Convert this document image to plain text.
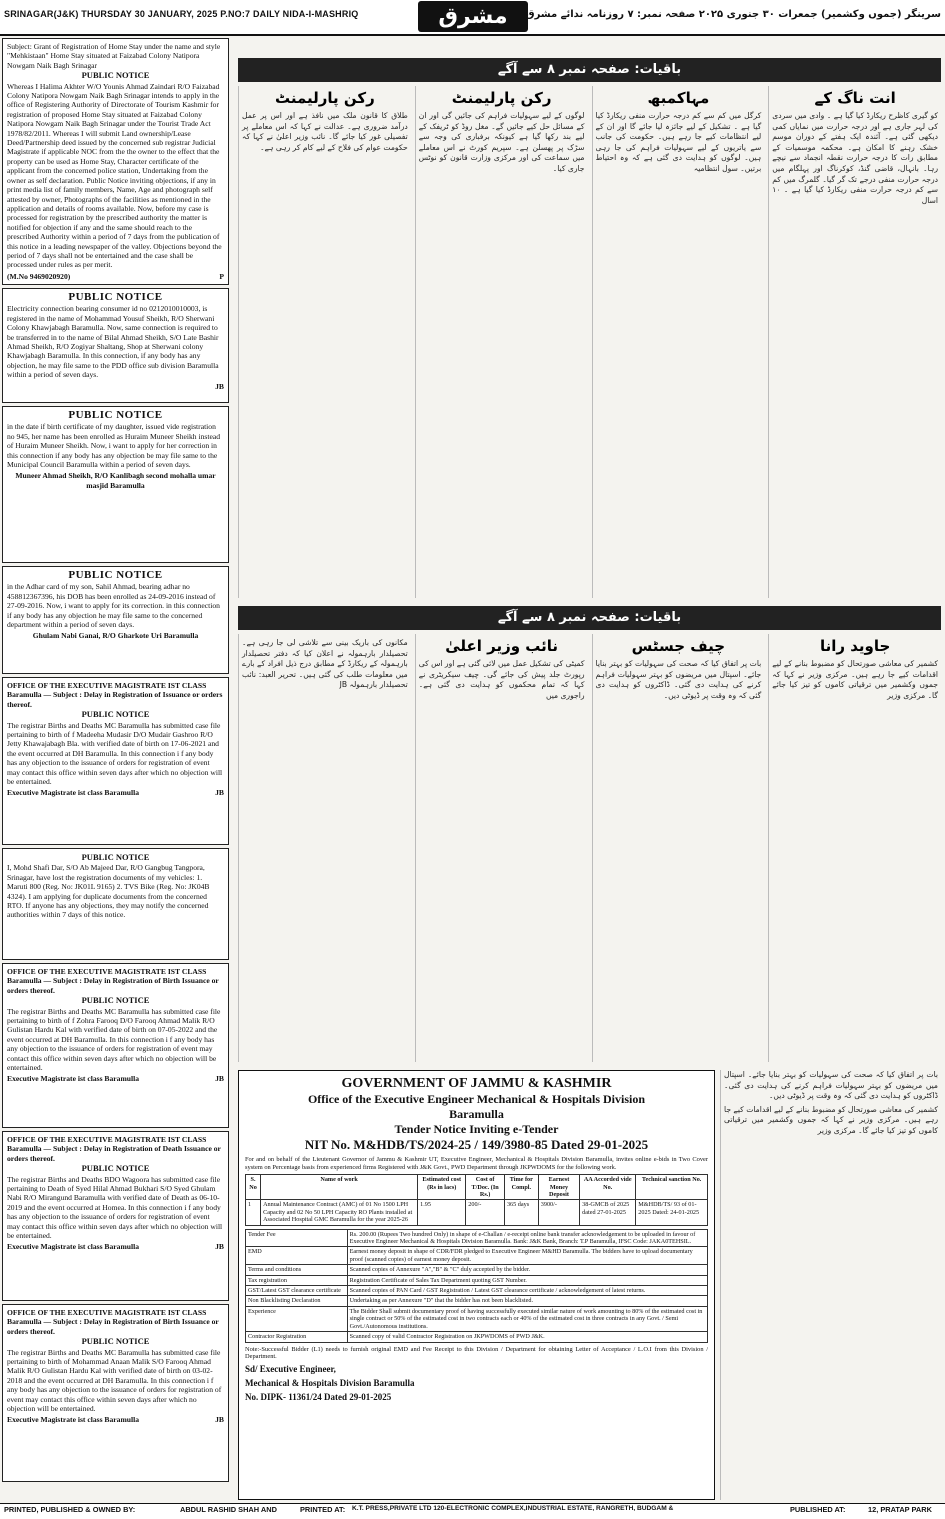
SRINAGAR(J&K) THURSDAY 30 JANUARY, 2025 P.NO:7 DAILY NIDA-I-MASHRIQ	مشرق	سرینگر (جموں وکشمیر) جمعرات ۳۰ جنوری ۲۰۲۵ صفحہ نمبر: ۷ روزنامہ ندائے مشرق

Subject: Grant of Registration of Home Stay under the name and style "Mehkistaan" Home Stay situated at Faizabad Colony Natipora Nowgam Naik Bagh Srinagar

PUBLIC NOTICE

Whereas I Halima Akhter W/O Younis Ahmad Zaindari R/O Faizabad Colony Natipora Nowgam Naik Bagh Srinagar intends to apply in the office of Registering Authority of Directorate of Tourism Kashmir for registration of proposed Home Stay situated at Faizabad Colony Natipora Nowgam Naik Bagh Srinagar under the Tourist Trade Act 1978/82/2011. Whereas I will submit Land ownership/Lease Deed/Partnership deed issued by the concerned sub registrar Judicial Magistrate if applicable NOC from the the owner to the effect that the property can be used as Home Stay, Character certificate of the applicant from the concerned police station, Undertaking from the owner as self declaration. Public Notice inviting objections, if any in print media list of family members, Name, Age and photograph self attested by owner, Photographs of the facilities as mentioned in the application and details of rooms available. Now, before my case is processed for registration by the prescribed authority the matter is notified for objection if any and the same should reach to the prescribed Authority within a period of 7 days from the publication of this notice in a leading newspaper of the valley. Objections beyond the period of 7 days shall not be entertained and the case shall be processed under rules as per merit.

(M.No 9469020920)	P
PUBLIC NOTICE

Electricity connection bearing consumer id no 0212010010003, is registered in the name of Mohammad Yousuf Sheikh, R/O Sherwani Colony Khawjabagh Baramulla. Now, same connection is required to be transferred in to the name of Bilal Ahmad Sheikh, S/O Late Bashir Ahmad Sheikh, R/O Zogiyar Shaltang, Shop at Sherwani colony Khawjabagh Baramulla. In this connection, if any body has any objection, he may file same to the PDD office sub division Baramulla within a period of seven days.

JB
PUBLIC NOTICE

in the date if birth certificate of my daughter, issued vide registration no 945, her name has been enrolled as Huraim Muneer Sheikh instead of Huraim Muneer Sheikh. Now, i want to apply for her correction in this connection if any body has any objection be may file same to the Municipal Council Baramulla within a period of seven days.

Muneer Ahmad Sheikh, R/O Kanlibagh second mohalla umar masjid Baramulla
PUBLIC NOTICE

in the Adhar card of my son, Sahil Ahmad, bearing adhar no 458812367396, his DOB has been enrolled as 24-09-2016 instead of 27-09-2016. Now, i want to apply for its correction. in this connection if any body has any objection he may file same to the concerned department within a period of seven days.

Ghulam Nabi Ganai, R/O Gharkote Uri Baramulla

OFFICE OF THE EXECUTIVE MAGISTRATE IST CLASS Baramulla — Subject : Delay in Registration of Issuance or orders thereof.

PUBLIC NOTICE

The registrar Births and Deaths MC Baramulla has submitted case file pertaining to birth of f Madeeha Mudasir D/O Mudair Gashroo R/O Jetty Khawajabagh Bla. with verified date of birth on 17-06-2021 and the event occurred at DH Baramulla. In this connection i f any body has any objection to the issuance of orders for registration of event may contact this office within seven days after which no objection will be entertained.

Executive Magistrate ist class Baramulla	JB
PUBLIC NOTICE

I, Mohd Shafi Dar, S/O Ab Majeed Dar, R/O Gangbug Tangpora, Srinagar, have lost the registration documents of my vehicles: 1. Maruti 800 (Reg. No: JK01L 9165) 2. TVS Bike (Reg. No: JK04B 4324). I am applying for duplicate documents from the concerned RTO. If anyone has any objections, they may notify the concerned authorities within 7 days of this notice.

OFFICE OF THE EXECUTIVE MAGISTRATE IST CLASS Baramulla — Subject : Delay in Registration of Birth Issuance or orders thereof.

PUBLIC NOTICE

The registrar Births and Deaths MC Baramulla has submitted case file pertaining to birth of f Zohra Farooq D/O Farooq Ahmad Malik R/O Gulistan Hardu Kal with verified date of birth on 07-05-2022 and the event occurred at DH Baramulla. In this connection i f any body has any objection to the issuance of orders for registration of event may contact this office within seven days after which no objection will be entertained.

Executive Magistrate ist class Baramulla	JB

OFFICE OF THE EXECUTIVE MAGISTRATE IST CLASS Baramulla — Subject : Delay in Registration of Death Issuance or orders thereof.

PUBLIC NOTICE

The registrar Births and Deaths BDO Wagoora has submitted case file pertaining to Death of Syed Hilal Ahmad Bukhari S/O Syed Ghulam Nabi R/O Mirangund Baramulla with verified date of Death as 06-10-2019 and the event occurred at Homea. In this connection i f any body has any objection to the issuance of orders for registration of event may contact this office within seven days after which no objection will be entertained.

Executive Magistrate ist class Baramulla	JB

OFFICE OF THE EXECUTIVE MAGISTRATE IST CLASS Baramulla — Subject : Delay in Registration of Birth Issuance or orders thereof.

PUBLIC NOTICE

The registrar Births and Deaths MC Baramulla has submitted case file pertaining to birth of Mohammad Anaan Malik S/O Farooq Ahmad Malik R/O Gulistan Hardu Kal with verified date of birth on 03-02-2018 and the event occurred at DH Baramulla. In this connection i f any body has any objection to the issuance of orders for registration of event may contact this office within seven days after which no objection will be entertained.

Executive Magistrate ist class Baramulla	JB
باقیات: صفحہ نمبر ۸ سے آگے
انت ناگ کے

کو گیری کاظرح ریکارڈ کیا گیا ہے ۔ وادی میں سردی کی لہر جاری ہے اور درجہ حرارت میں نمایاں کمی دیکھی گئی ہے۔ آئندہ ایک ہفتے کے دوران موسم خشک رہنے کا امکان ہے۔ محکمہ موسمیات کے مطابق رات کا درجہ حرارت نقطہ انجماد سے نیچے رہا۔ بانہال، قاضی گنڈ، کوکرناگ اور پہلگام میں درجہ حرارت منفی درجے تک گر گیا۔ گلمرگ میں کم سے کم درجہ حرارت منفی ریکارڈ کیا گیا ہے ۔ ۱۰ اسال

مہاکمبھ

کرگل میں کم سے کم درجہ حرارت منفی ریکارڈ کیا گیا ہے ۔ تشکیل کے لیے جائزہ لیا جائے گا اور ان کے لیے انتظامات کیے جا رہے ہیں۔ حکومت کی جانب سے یاتریوں کے لیے سہولیات فراہم کی جا رہی ہیں۔ لوگوں کو ہدایت دی گئی ہے کہ وہ احتیاط برتیں۔ سول انتظامیہ

رکن پارلیمنٹ

لوگوں کے لیے سہولیات فراہم کی جائیں گی اور ان کے مسائل حل کیے جائیں گے۔ مغل روڈ کو ٹریفک کے لیے بند رکھا گیا ہے کیونکہ برفباری کی وجہ سے سڑک پر پھسلن ہے۔ سپریم کورٹ نے اس معاملے میں سماعت کی اور مرکزی وزارت قانون کو نوٹس جاری کیا۔

رکن پارلیمنٹ

طلاق کا قانون ملک میں نافذ ہے اور اس پر عمل درآمد ضروری ہے۔ عدالت نے کہا کہ اس معاملے پر تفصیلی غور کیا جائے گا۔ نائب وزیر اعلیٰ نے کہا کہ حکومت عوام کی فلاح کے لیے کام کر رہی ہے۔

باقیات: صفحہ نمبر ۸ سے آگے
جاوید رانا

کشمیر کی معاشی صورتحال کو مضبوط بنانے کے لیے اقدامات کیے جا رہے ہیں۔ مرکزی وزیر نے کہا کہ جموں وکشمیر میں ترقیاتی کاموں کو تیز کیا جائے گا۔ مرکزی وزیر

چیف جسٹس

بات پر اتفاق کیا کہ صحت کی سہولیات کو بہتر بنایا جائے۔ اسپتال میں مریضوں کو بہتر سہولیات فراہم کرنے کی ہدایت دی گئی۔ ڈاکٹروں کو ہدایت دی گئی کہ وہ وقت پر ڈیوٹی دیں۔

نائب وزیر اعلیٰ

کمیٹی کی تشکیل عمل میں لائی گئی ہے اور اس کی رپورٹ جلد پیش کی جائے گی۔ چیف سیکریٹری نے کہا کہ تمام محکموں کو ہدایت دی گئی ہے۔ راجوری میں

مکانوں کی باریک بینی سے تلاشی لی جا رہی ہے۔ تحصیلدار بارہمولہ نے اعلان کیا کہ دفتر تحصیلدار بارہمولہ کے ریکارڈ کے مطابق درج ذیل افراد کے بارے میں معلومات طلب کی گئی ہیں۔ تحریر العبد: نائب تحصیلدار بارہمولہ JB

بات پر اتفاق کیا کہ صحت کی سہولیات کو بہتر بنایا جائے۔ اسپتال میں مریضوں کو بہتر سہولیات فراہم کرنے کی ہدایت دی گئی۔ ڈاکٹروں کو ہدایت دی گئی کہ وہ وقت پر ڈیوٹی دیں۔

کشمیر کی معاشی صورتحال کو مضبوط بنانے کے لیے اقدامات کیے جا رہے ہیں۔ مرکزی وزیر نے کہا کہ جموں وکشمیر میں ترقیاتی کاموں کو تیز کیا جائے گا۔ مرکزی وزیر

GOVERNMENT OF JAMMU & KASHMIR
Office of the Executive Engineer Mechanical & Hospitals Division
Baramulla
Tender Notice Inviting e-Tender
NIT No. M&HDB/TS/2024-25 / 149/3980-85 Dated 29-01-2025
For and on behalf of the Lieutenant Governor of Jammu & Kashmir UT, Executive Engineer, Mechanical & Hospitals Division Baramulla, invites online e-bids in Two Cover system on Percentage basis from experienced firms Registered with J&K Govt., PWD Department through JKPWDOMS for the following work.
S. No	Name of work	Estimated cost (Rs in lacs)	Cost of T/Doc. (In Rs.)	Time for Compl.	Earnest Money Deposit	AA Accorded vide No.	Technical sanction No.
1	Annual Maintenance Contract (AMC) of 01 No 1500 LPH Capacity and 02 No 50 LPH Capacity RO Plants installed at Associated Hospital GMC Baramulla for the year 2025-26	1.95	200/-	365 days	3900/-	38-GMCB of 2025 dated 27-01-2025	M&HDB/TS/ 93 of 01-2025 Dated: 24-01-2025
Tender Fee	Rs. 200.00 (Rupees Two hundred Only) in shape of e-Challan / e-receipt online bank transfer acknowledgement to be uploaded in favour of Executive Engineer Mechanical & Hospitals Division Baramulla. Bank: J&K Bank, Branch: T.P Baramulla, IFSC Code: JAKA0TEHSIL.
EMD	Earnest money deposit in shape of CDR/FDR pledged to Executive Engineer M&HD Baramulla. The bidders have to upload documentary proof (scanned copies) of earnest money deposit.
Terms and conditions	Scanned copies of Annexure "A","B" & "C" duly accepted by the bidder.
Tax registration	Registration Certificate of Sales Tax Department quoting GST Number.
GST/Latest GST clearance certificate	Scanned copies of PAN Card / GST Registration / Latest GST clearance certificate / acknowledgement of latest returns.
Non Blacklisting Declaration	Undertaking as per Annexure "D" that the bidder has not been blacklisted.
Experience	The Bidder Shall submit documentary proof of having successfully executed similar nature of work amounting to 80% of the estimated cost in single contract or 50% of the estimated cost in two contracts each or 40% of the estimated cost in three contracts in any Govt. / Semi Govt./Autonomous institutions.
Contractor Registration	Scanned copy of valid Contractor Registration on JKPWDOMS of PWD J&K.
Note:-Successful Bidder (L1) needs to furnish original EMD and Fee Receipt to this Division / Department for obtaining Letter of Acceptance / L.O.I from this Division / Department.
Sd/ Executive Engineer,
Mechanical & Hospitals Division Baramulla
No. DIPK- 11361/24 Dated 29-01-2025
PRINTED, PUBLISHED & OWNED BY:	ABDUL RASHID SHAH AND	PRINTED AT: K.T. PRESS,PRIVATE LTD 120-ELECTRONIC COMPLEX,INDUSTRIAL ESTATE, RANGRETH, BUDGAM &	PUBLISHED AT:	12, PRATAP PARK
